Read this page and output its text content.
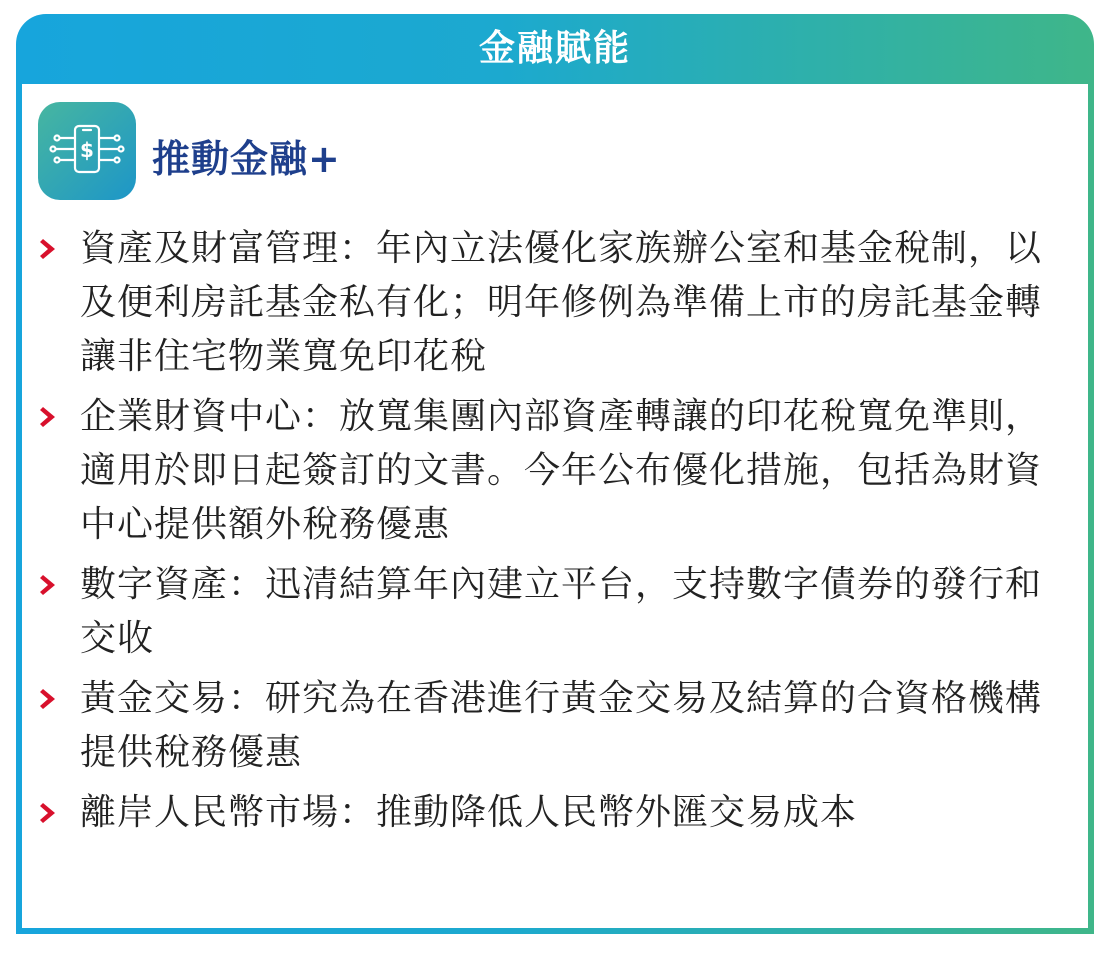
金融賦能
$ 推動金融+
資產及財富管理：年內立法優化家族辦公室和基金稅制，以及便利房託基金私有化；明年修例為準備上市的房託基金轉讓非住宅物業寬免印花稅
企業財資中心：放寬集團內部資產轉讓的印花稅寬免準則，適用於即日起簽訂的文書。今年公布優化措施，包括為財資中心提供額外稅務優惠
數字資產：迅清結算年內建立平台，支持數字債券的發行和交收
黃金交易：研究為在香港進行黃金交易及結算的合資格機構提供稅務優惠
離岸人民幣市場：推動降低人民幣外匯交易成本
